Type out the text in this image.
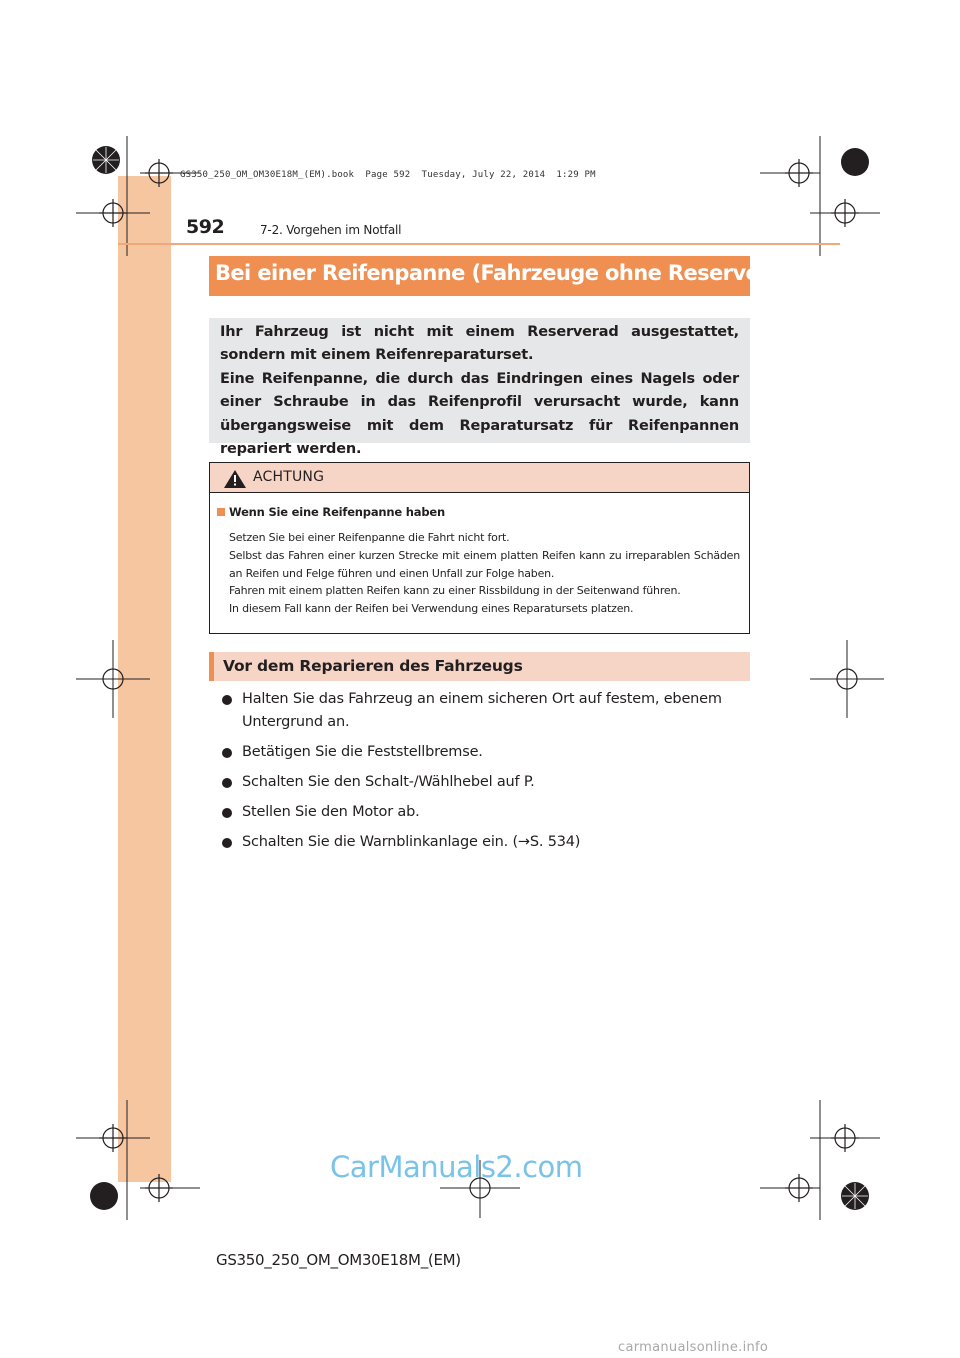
GS350_250_OM_OM30E18M_(EM).book  Page 592  Tuesday, July 22, 2014  1:29 PM
592	7-2. Vorgehen im Notfall
Bei einer Reifenpanne (Fahrzeuge ohne Reserverad)
Ihr Fahrzeug ist nicht mit einem Reserverad ausgestattet, sondern mit einem Reifenreparaturset.
Eine Reifenpanne, die durch das Eindringen eines Nagels oder einer Schraube in das Reifenprofil verursacht wurde, kann übergangsweise mit dem Reparatursatz für Reifenpannen repariert werden.
ACHTUNG
Wenn Sie eine Reifenpanne haben
Setzen Sie bei einer Reifenpanne die Fahrt nicht fort.
Selbst das Fahren einer kurzen Strecke mit einem platten Reifen kann zu irreparablen Schäden an Reifen und Felge führen und einen Unfall zur Folge haben.
Fahren mit einem platten Reifen kann zu einer Rissbildung in der Seitenwand führen.
In diesem Fall kann der Reifen bei Verwendung eines Reparatursets platzen.
Vor dem Reparieren des Fahrzeugs
Halten Sie das Fahrzeug an einem sicheren Ort auf festem, ebenem Untergrund an.
Betätigen Sie die Feststellbremse.
Schalten Sie den Schalt-/Wählhebel auf P.
Stellen Sie den Motor ab.
Schalten Sie die Warnblinkanlage ein. (→S. 534)
CarManuals2.com
GS350_250_OM_OM30E18M_(EM)
carmanualsonline.info
